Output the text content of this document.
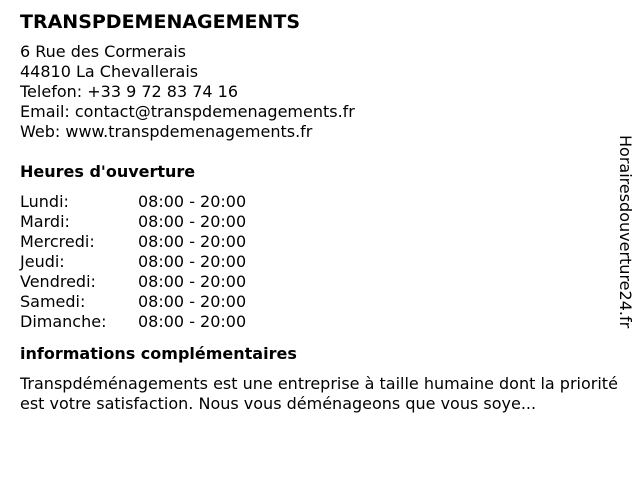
TRANSPDEMENAGEMENTS
6 Rue des Cormerais
44810 La Chevallerais
Telefon: +33 9 72 83 74 16
Email: contact@transpdemenagements.fr
Web: www.transpdemenagements.fr
Heures d'ouverture
Lundi:	08:00 - 20:00
Mardi:	08:00 - 20:00
Mercredi:	08:00 - 20:00
Jeudi:	08:00 - 20:00
Vendredi:	08:00 - 20:00
Samedi:	08:00 - 20:00
Dimanche:	08:00 - 20:00
informations complémentaires
Transpdéménagements est une entreprise à taille humaine dont la priorité est votre satisfaction. Nous vous déménageons que vous soye...
Horairesdouverture24.fr
